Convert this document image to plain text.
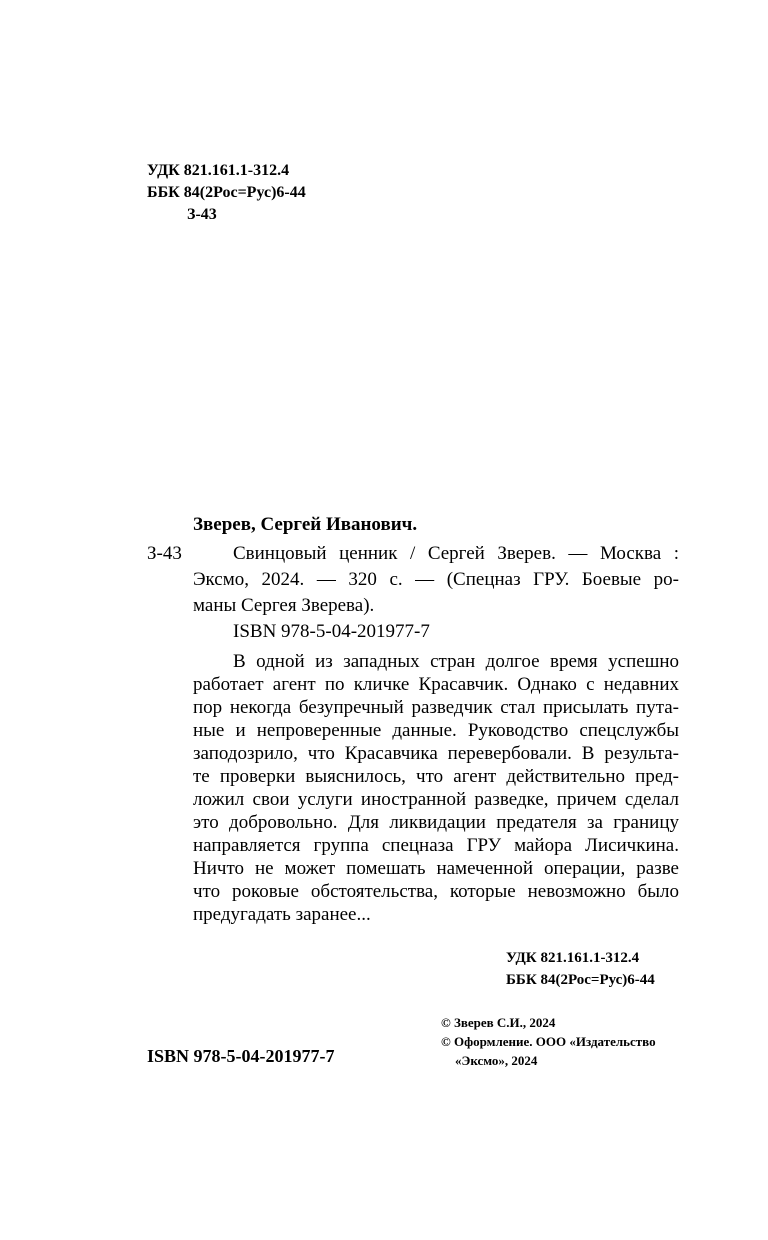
УДК 821.161.1-312.4
ББК 84(2Рос=Рус)6-44
З-43
Зверев, Сергей Иванович.
З-43	Свинцовый ценник / Сергей Зверев. — Москва :
Эксмо, 2024. — 320 с. — (Спецназ ГРУ. Боевые ро-
маны Сергея Зверева).
ISBN 978-5-04-201977-7
В одной из западных стран долгое время успешно
работает агент по кличке Красавчик. Однако с недавних
пор некогда безупречный разведчик стал присылать пута-
ные и непроверенные данные. Руководство спецслужбы
заподозрило, что Красавчика перевербовали. В результа-
те проверки выяснилось, что агент действительно пред-
ложил свои услуги иностранной разведке, причем сделал
это добровольно. Для ликвидации предателя за границу
направляется группа спецназа ГРУ майора Лисичкина.
Ничто не может помешать намеченной операции, разве
что роковые обстоятельства, которые невозможно было
предугадать заранее...
УДК 821.161.1-312.4
ББК 84(2Рос=Рус)6-44
ISBN 978-5-04-201977-7
© Зверев С.И., 2024
© Оформление. ООО «Издательство
«Эксмо», 2024
